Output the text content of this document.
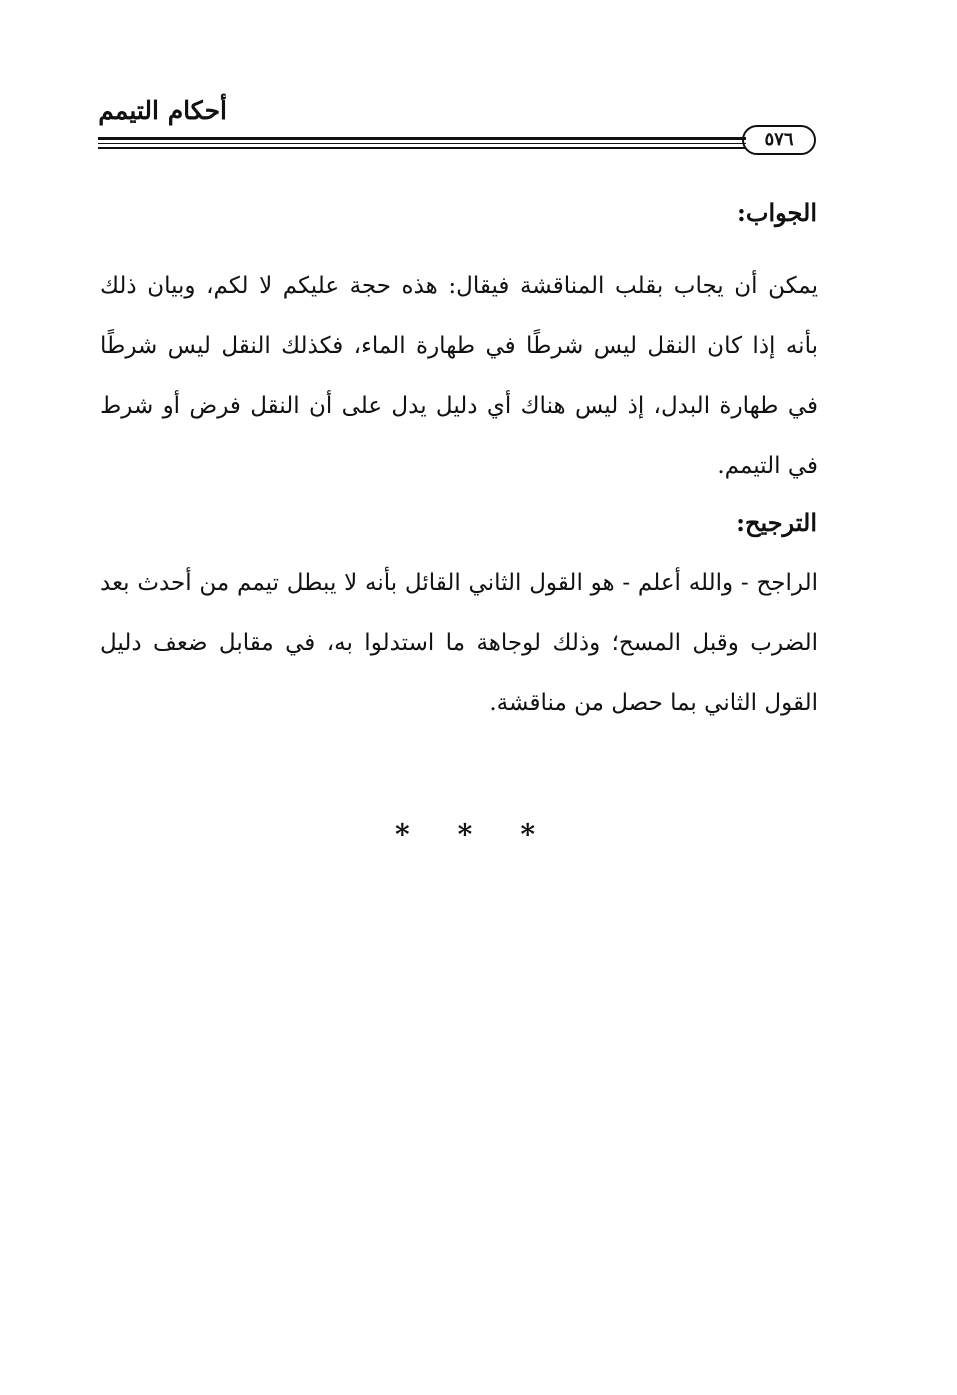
أحكام التيمم
٥٧٦
الجواب:
يمكن أن يجاب بقلب المناقشة فيقال: هذه حجة عليكم لا لكم، وبيان ذلك بأنه إذا كان النقل ليس شرطًا في طهارة الماء، فكذلك النقل ليس شرطًا في طهارة البدل، إذ ليس هناك أي دليل يدل على أن النقل فرض أو شرط في التيمم.
الترجيح:
الراجح - والله أعلم - هو القول الثاني القائل بأنه لا يبطل تيمم من أحدث بعد الضرب وقبل المسح؛ وذلك لوجاهة ما استدلوا به، في مقابل ضعف دليل القول الثاني بما حصل من مناقشة.
* * *
